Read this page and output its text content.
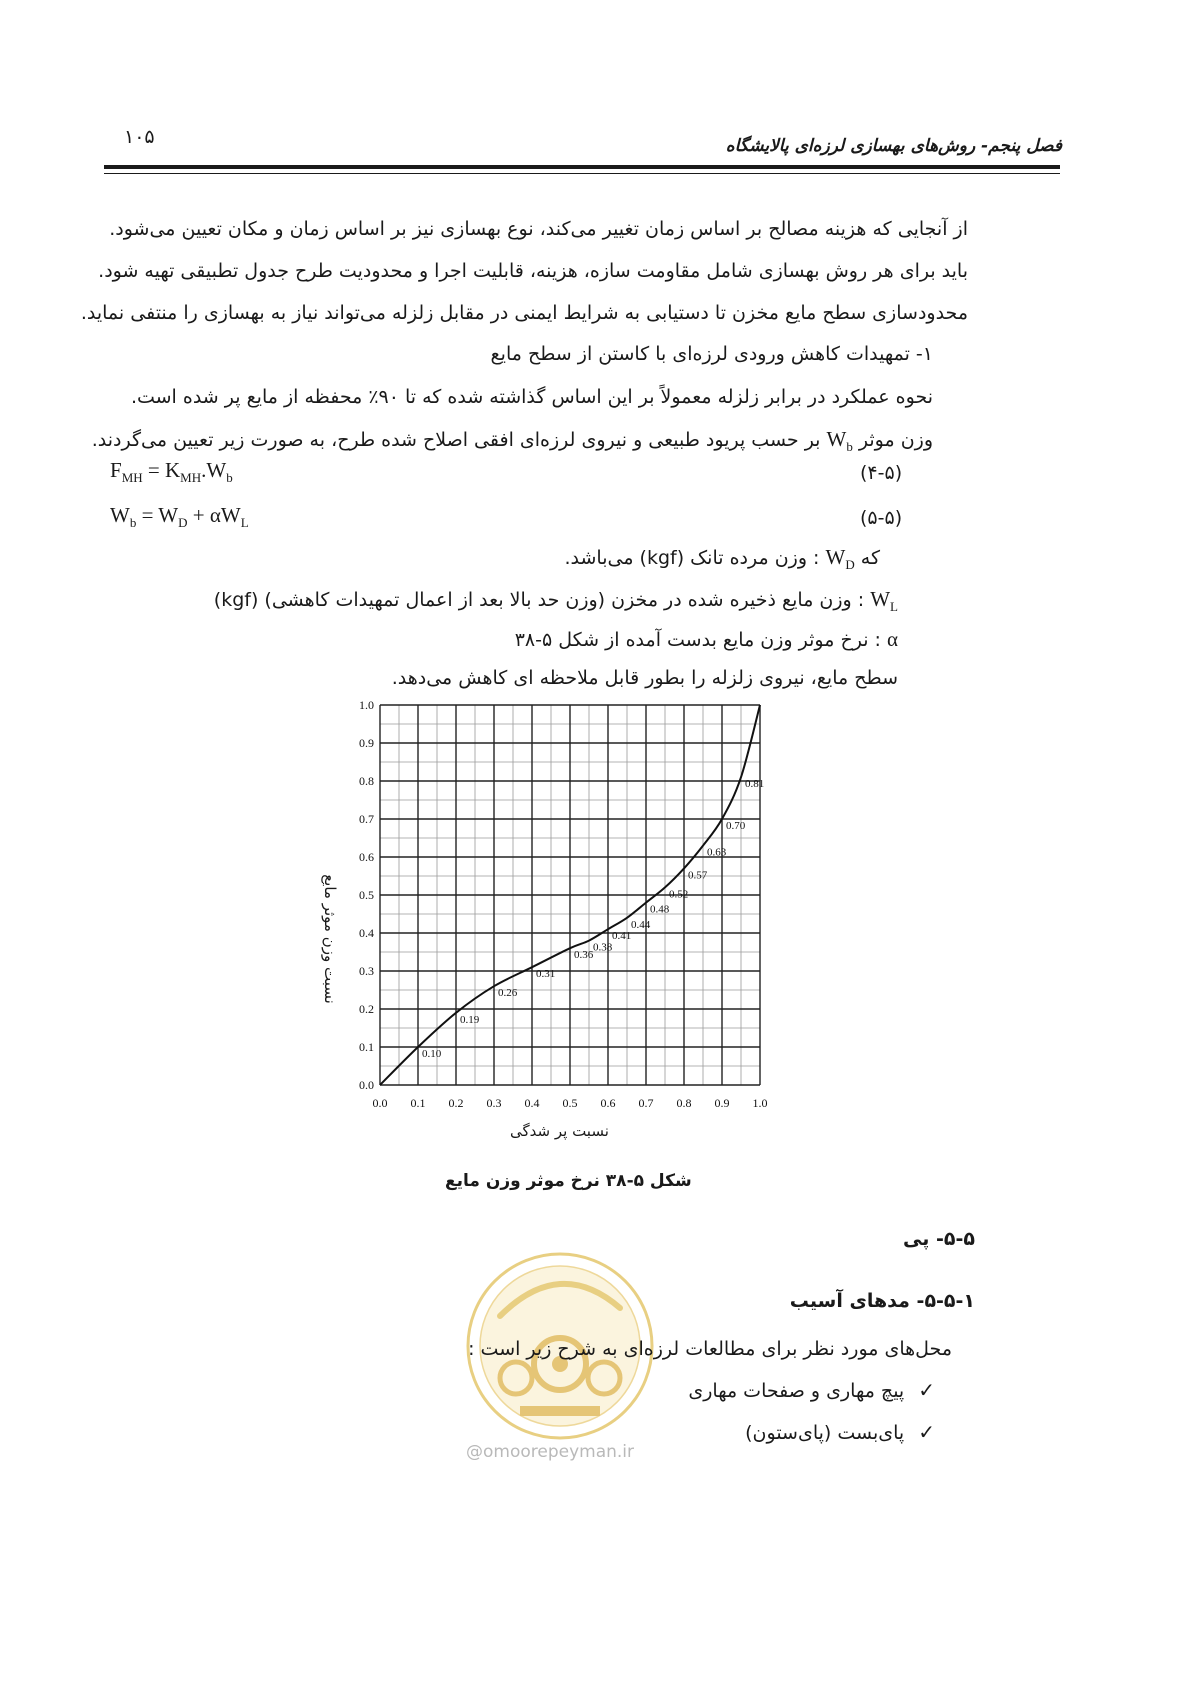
۱۰۵	فصل پنجم- روش‌های بهسازی لرزه‌ای پالایشگاه
از آنجایی که هزینه مصالح بر اساس زمان تغییر می‌کند، نوع بهسازی نیز بر اساس زمان و مکان تعیین می‌شود.
باید برای هر روش بهسازی شامل مقاومت سازه، هزینه، قابلیت اجرا و محدودیت طرح جدول تطبیقی تهیه شود.
محدودسازی سطح مایع مخزن تا دستیابی به شرایط ایمنی در مقابل زلزله می‌تواند نیاز به بهسازی را منتفی نماید.
۱- تمهیدات کاهش ورودی لرزه‌ای با کاستن از سطح مایع
نحوه عملکرد در برابر زلزله معمولاً بر این اساس گذاشته شده که تا ۹۰٪ محفظه از مایع پر شده است.
وزن موثر $W_b$ بر حسب پریود طبیعی و نیروی لرزه‌ای افقی اصلاح شده طرح، به صورت زیر تعیین می‌گردند.
$F_{MH} = K_{MH}.W_b$	(۴-۵)
$W_b = W_D + \alpha W_L$	(۵-۵)
که $W_D$ : وزن مرده تانک (kgf) می‌باشد.
$W_L$ : وزن مایع ذخیره شده در مخزن (وزن حد بالا بعد از اعمال تمهیدات کاهشی) (kgf)
α : نرخ موثر وزن مایع بدست آمده از شکل ۵-۳۸
سطح مایع، نیروی زلزله را بطور قابل ملاحظه ای کاهش می‌دهد.
0.0 0.1 0.2 0.3 0.4 0.5 0.6 0.7 0.8 0.9 1.0
0.0
0.1
0.2
0.3
0.4
0.5
0.6
0.7
0.8
0.9
1.0
0.10
0.19
0.26
0.31
0.36
0.38
0.41
0.44
0.48
0.52
0.57
0.63
0.70
0.81
نسبت پر شدگی
نسبت وزن موثر مایع
شکل ۵-۳۸ نرخ موثر وزن مایع
@omoorepeyman.ir
۵-۵- پی
۵-۵-۱- مدهای آسیب
محل‌های مورد نظر برای مطالعات لرزه‌ای به شرح زیر است :
✓پیچ مهاری و صفحات مهاری
✓پای‌بست (پای‌ستون)
